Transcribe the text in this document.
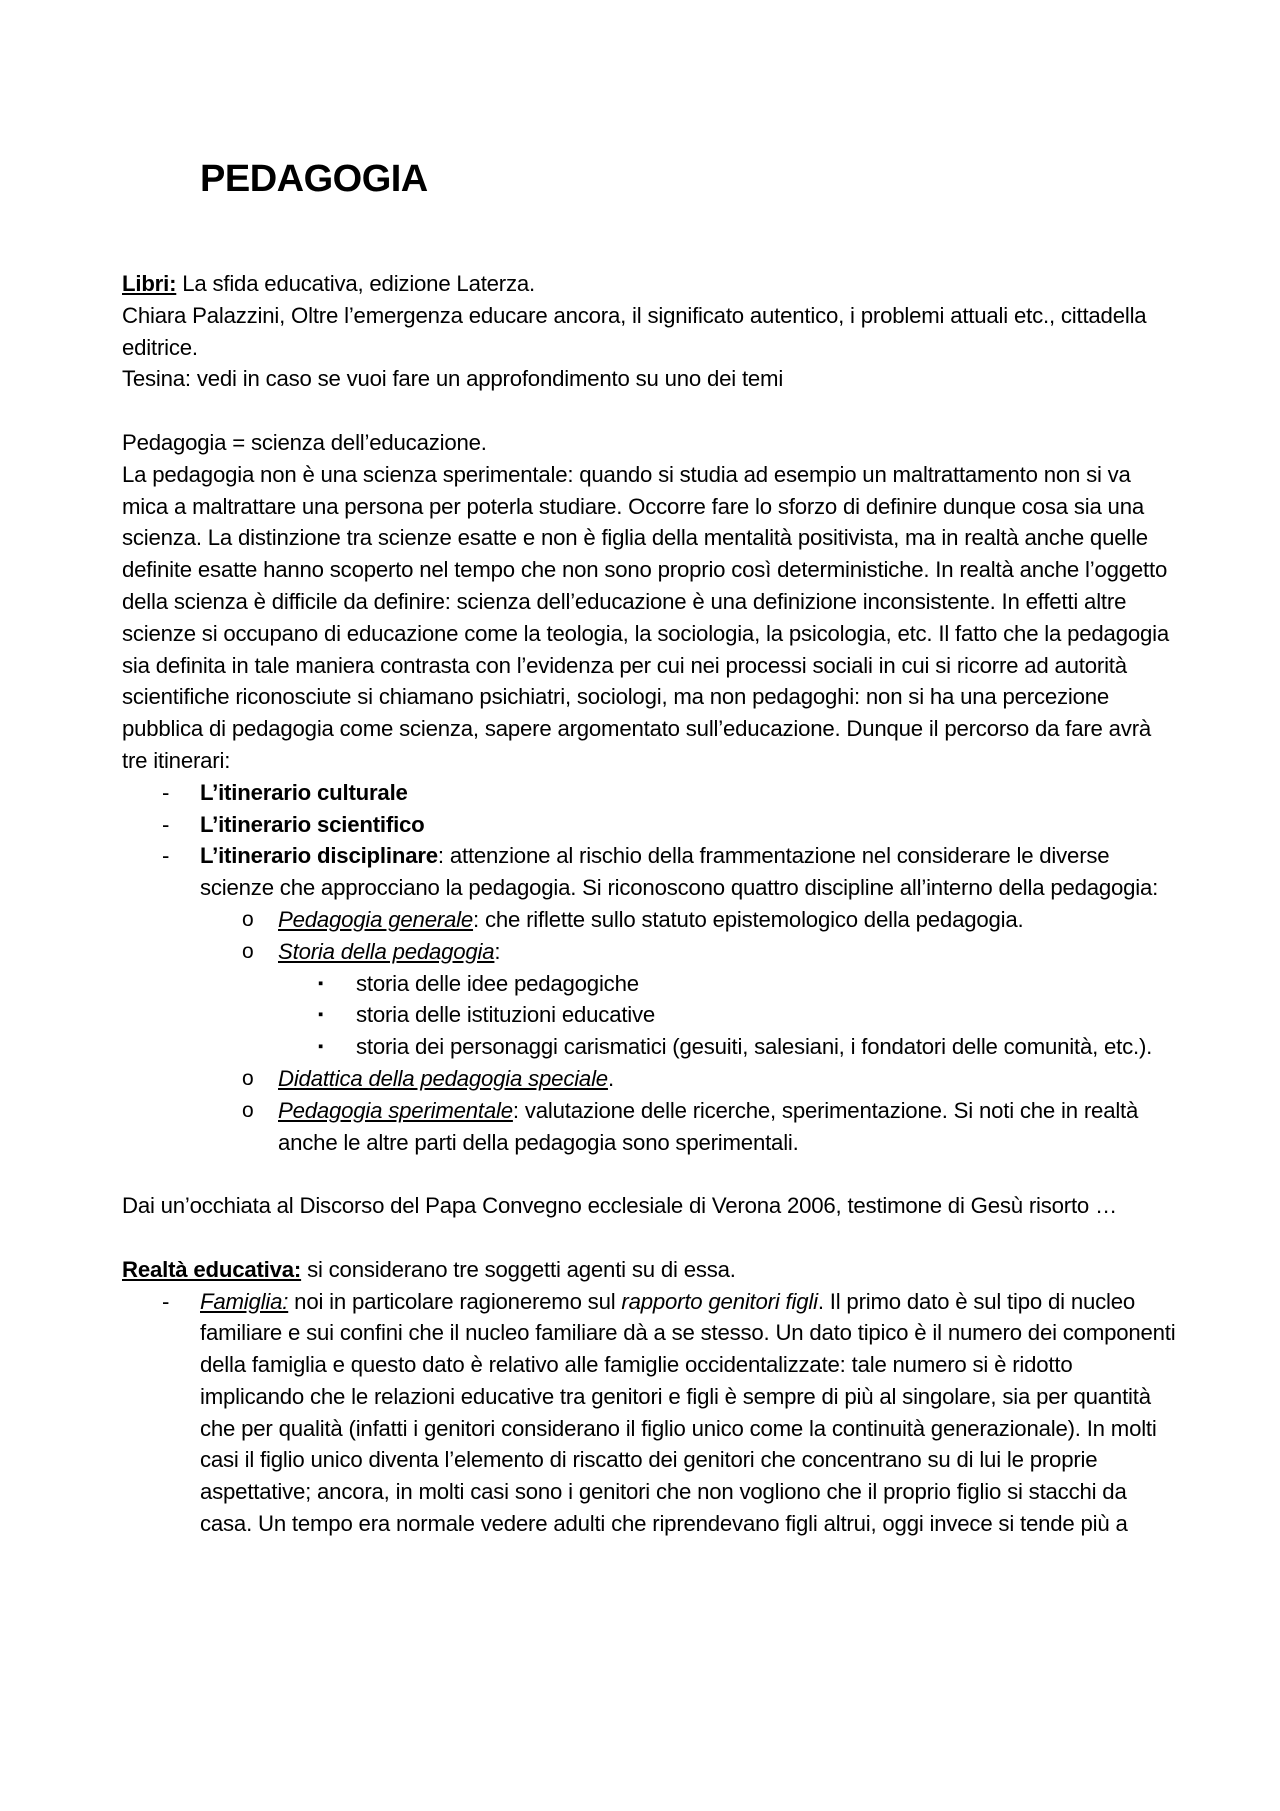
PEDAGOGIA

Libri: La sfida educativa, edizione Laterza.

Chiara Palazzini, Oltre l’emergenza educare ancora, il significato autentico, i problemi attuali etc., cittadella editrice.

Tesina: vedi in caso se vuoi fare un approfondimento su uno dei temi

Pedagogia = scienza dell’educazione.

La pedagogia non è una scienza sperimentale: quando si studia ad esempio un maltrattamento non si va mica a maltrattare una persona per poterla studiare. Occorre fare lo sforzo di definire dunque cosa sia una scienza. La distinzione tra scienze esatte e non è figlia della mentalità positivista, ma in realtà anche quelle definite esatte hanno scoperto nel tempo che non sono proprio così deterministiche. In realtà anche l’oggetto della scienza è difficile da definire: scienza dell’educazione è una definizione inconsistente. In effetti altre scienze si occupano di educazione come la teologia, la sociologia, la psicologia, etc. Il fatto che la pedagogia sia definita in tale maniera contrasta con l’evidenza per cui nei processi sociali in cui si ricorre ad autorità scientifiche riconosciute si chiamano psichiatri, sociologi, ma non pedagoghi: non si ha una percezione pubblica di pedagogia come scienza, sapere argomentato sull’educazione. Dunque il percorso da fare avrà tre itinerari:

- L’itinerario culturale
- L’itinerario scientifico
- L’itinerario disciplinare: attenzione al rischio della frammentazione nel considerare le diverse scienze che approcciano la pedagogia. Si riconoscono quattro discipline all’interno della pedagogia:
o Pedagogia generale: che riflette sullo statuto epistemologico della pedagogia.
o Storia della pedagogia:
▪ storia delle idee pedagogiche
▪ storia delle istituzioni educative
▪ storia dei personaggi carismatici (gesuiti, salesiani, i fondatori delle comunità, etc.).
o Didattica della pedagogia speciale.
o Pedagogia sperimentale: valutazione delle ricerche, sperimentazione. Si noti che in realtà anche le altre parti della pedagogia sono sperimentali.

Dai un’occhiata al Discorso del Papa Convegno ecclesiale di Verona 2006, testimone di Gesù risorto …

Realtà educativa: si considerano tre soggetti agenti su di essa.

- Famiglia: noi in particolare ragioneremo sul rapporto genitori figli. Il primo dato è sul tipo di nucleo familiare e sui confini che il nucleo familiare dà a se stesso. Un dato tipico è il numero dei componenti della famiglia e questo dato è relativo alle famiglie occidentalizzate: tale numero si è ridotto implicando che le relazioni educative tra genitori e figli è sempre di più al singolare, sia per quantità che per qualità (infatti i genitori considerano il figlio unico come la continuità generazionale). In molti casi il figlio unico diventa l’elemento di riscatto dei genitori che concentrano su di lui le proprie aspettative; ancora, in molti casi sono i genitori che non vogliono che il proprio figlio si stacchi da casa. Un tempo era normale vedere adulti che riprendevano figli altrui, oggi invece si tende più a
